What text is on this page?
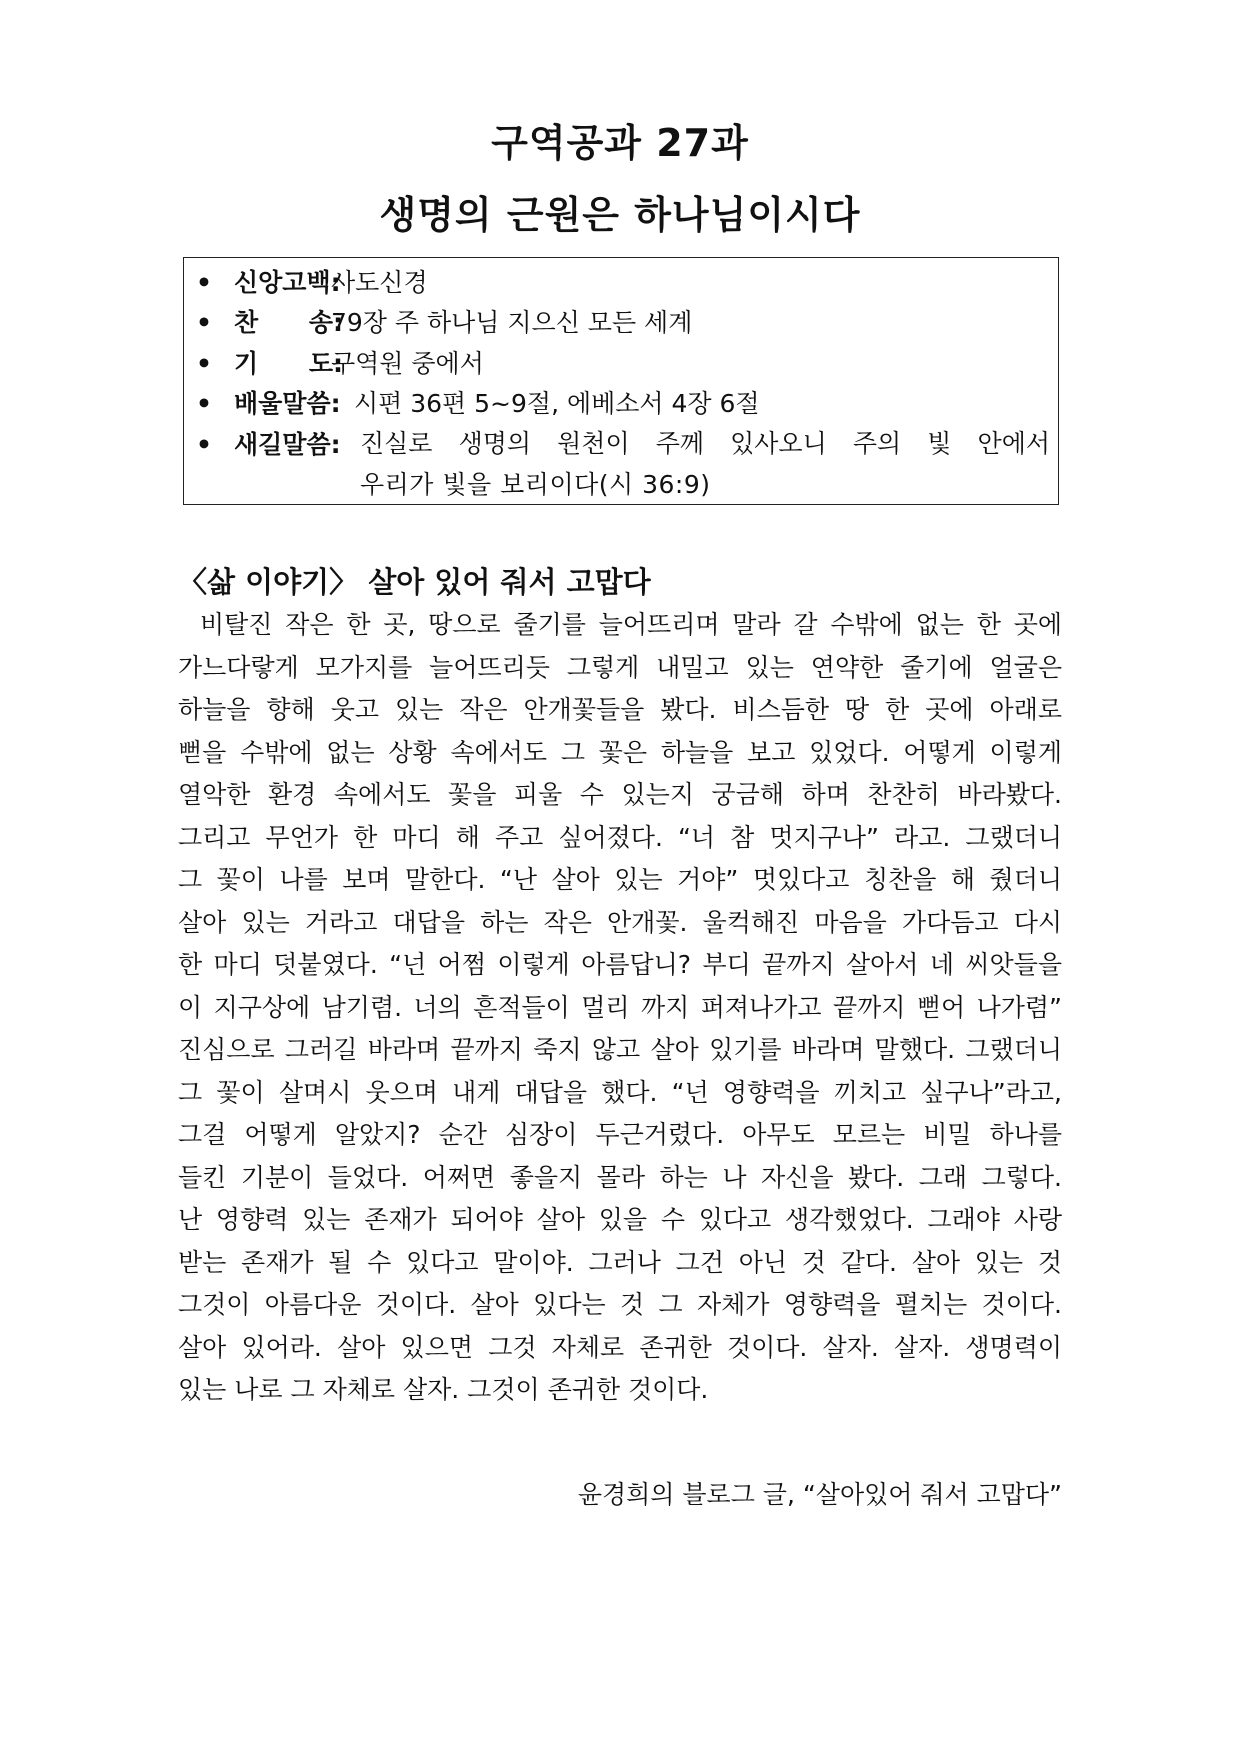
구역공과 27과
생명의 근원은 하나님이시다
• 신앙고백:
사도신경
• 찬 송:
79장 주 하나님 지으신 모든 세계
• 기 도:
구역원 중에서
• 배울말씀: 시편 36편 5~9절, 에베소서 4장 6절
• 새길말씀: 진실로 생명의 원천이 주께 있사오니 주의 빛 안에서
우리가 빛을 보리이다(시 36:9)
〈삶 이야기〉 살아 있어 줘서 고맙다
비탈진 작은 한 곳, 땅으로 줄기를 늘어뜨리며 말라 갈 수밖에 없는 한 곳에
가느다랗게 모가지를 늘어뜨리듯 그렇게 내밀고 있는 연약한 줄기에 얼굴은
하늘을 향해 웃고 있는 작은 안개꽃들을 봤다. 비스듬한 땅 한 곳에 아래로
뻗을 수밖에 없는 상황 속에서도 그 꽃은 하늘을 보고 있었다. 어떻게 이렇게
열악한 환경 속에서도 꽃을 피울 수 있는지 궁금해 하며 찬찬히 바라봤다.
그리고 무언가 한 마디 해 주고 싶어졌다. “너 참 멋지구나” 라고. 그랬더니
그 꽃이 나를 보며 말한다. “난 살아 있는 거야” 멋있다고 칭찬을 해 줬더니
살아 있는 거라고 대답을 하는 작은 안개꽃. 울컥해진 마음을 가다듬고 다시
한 마디 덧붙였다. “넌 어쩜 이렇게 아름답니? 부디 끝까지 살아서 네 씨앗들을
이 지구상에 남기렴. 너의 흔적들이 멀리 까지 퍼져나가고 끝까지 뻗어 나가렴”
진심으로 그러길 바라며 끝까지 죽지 않고 살아 있기를 바라며 말했다. 그랬더니
그 꽃이 살며시 웃으며 내게 대답을 했다. “넌 영향력을 끼치고 싶구나”라고,
그걸 어떻게 알았지? 순간 심장이 두근거렸다. 아무도 모르는 비밀 하나를
들킨 기분이 들었다. 어쩌면 좋을지 몰라 하는 나 자신을 봤다. 그래 그렇다.
난 영향력 있는 존재가 되어야 살아 있을 수 있다고 생각했었다. 그래야 사랑
받는 존재가 될 수 있다고 말이야. 그러나 그건 아닌 것 같다. 살아 있는 것
그것이 아름다운 것이다. 살아 있다는 것 그 자체가 영향력을 펼치는 것이다.
살아 있어라. 살아 있으면 그것 자체로 존귀한 것이다. 살자. 살자. 생명력이
있는 나로 그 자체로 살자. 그것이 존귀한 것이다.
윤경희의 블로그 글, “살아있어 줘서 고맙다”
